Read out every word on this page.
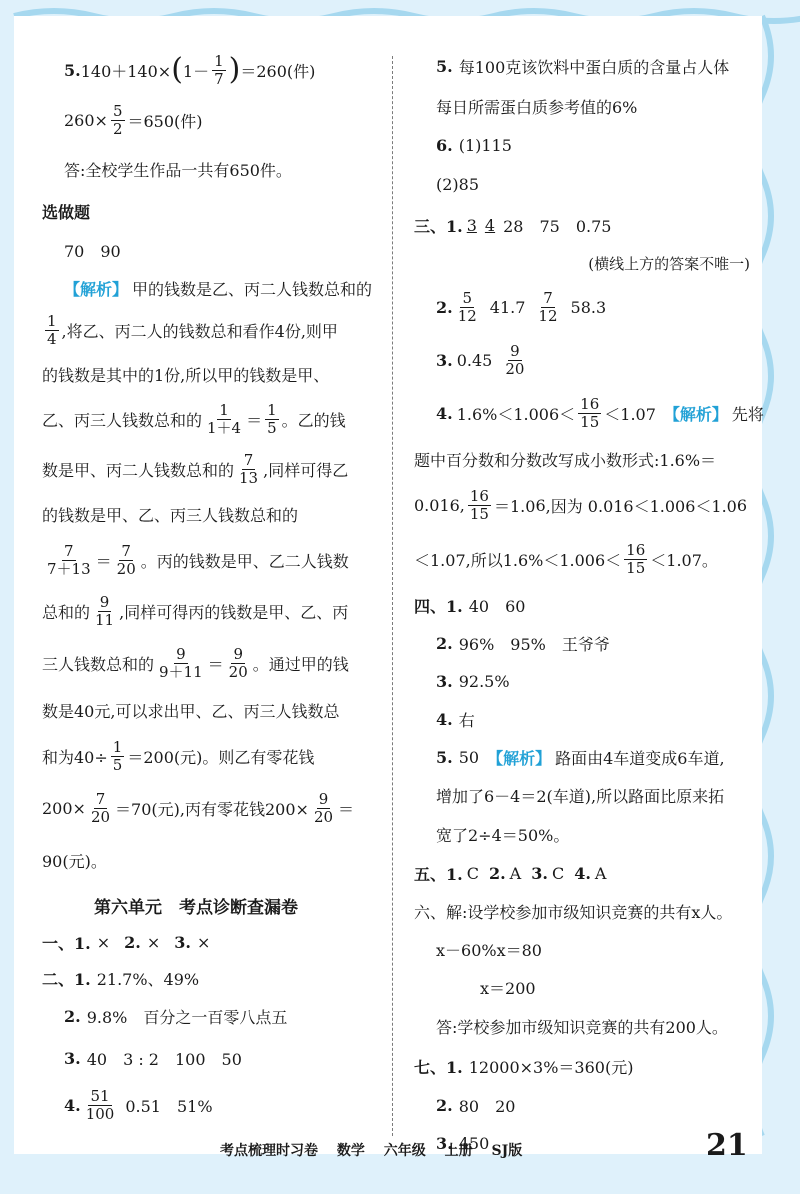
5. 140＋140× ( $1- \frac{1}{7}$ ) ＝260(件)
$260\times \frac{5}{2} =650$(件)
答:全校学生作品一共有650件。
选做题
70　90
【解析】 甲的钱数是乙、丙二人钱数总和的
$\frac{1}{4}$ ,将乙、丙二人的钱数总和看作4份,则甲
的钱数是其中的1份,所以甲的钱数是甲、
乙、丙三人钱数总和的 $\frac{1}{1+4} = \frac{1}{5}$ 。乙的钱
数是甲、丙二人钱数总和的 $\frac{7}{13}$ ,同样可得乙
的钱数是甲、乙、丙三人钱数总和的
$\frac{7}{7+13} = \frac{7}{20}$ 。丙的钱数是甲、乙二人钱数
总和的 $\frac{9}{11}$ ,同样可得丙的钱数是甲、乙、丙
三人钱数总和的 $\frac{9}{9+11} = \frac{9}{20}$ 。通过甲的钱
数是40元,可以求出甲、乙、丙三人钱数总
和为$40\div \frac{1}{5} =200$(元)。则乙有零花钱
$200\times \frac{7}{20} =70$(元),丙有零花钱$200\times \frac{9}{20}$ ＝
90(元)。
第六单元　考点诊断查漏卷
一、1. × 2. × 3. ×
二、1. 21.7%、49%
2. 9.8%　百分之一百零八点五
3. 40　3 : 2　100　50
4. $\frac{51}{100} 0.51$　51%
5. 每100克该饮料中蛋白质的含量占人体
每日所需蛋白质参考值的6%
6. (1)115
(2)85
三、1. 3 4 28　75　0.75
(横线上方的答案不唯一)
2. $\frac{5}{12} 41.7 \frac{7}{12} 58.3$
3. $0.45 \frac{9}{20}$
4. $1.6\%<1.006< \frac{16}{15} <1.07$ 【解析】 先将
题中百分数和分数改写成小数形式:1.6%＝
0.016, $\frac{16}{15} =1.0$ 6 ,因为 0.016＜1.006＜1.0 6
＜1.07,所以$1.6\%<1.006< \frac{16}{15} <1.07$。
四、1. 40　60
2. 96%　95%　王爷爷
3. 92.5%
4. 右
5. 50 【解析】 路面由4车道变成6车道,
增加了6－4＝2(车道),所以路面比原来拓
宽了2÷4＝50%。
五、1. C 2. A 3. C 4. A
六、解:设学校参加市级知识竞赛的共有x人。
x－60%x＝80
x＝200
答:学校参加市级知识竞赛的共有200人。
七、1. 12000×3%＝360(元)
2. 80　20
3. 450
考点梳理时习卷 数学 六年级 上册 SJ版	21
